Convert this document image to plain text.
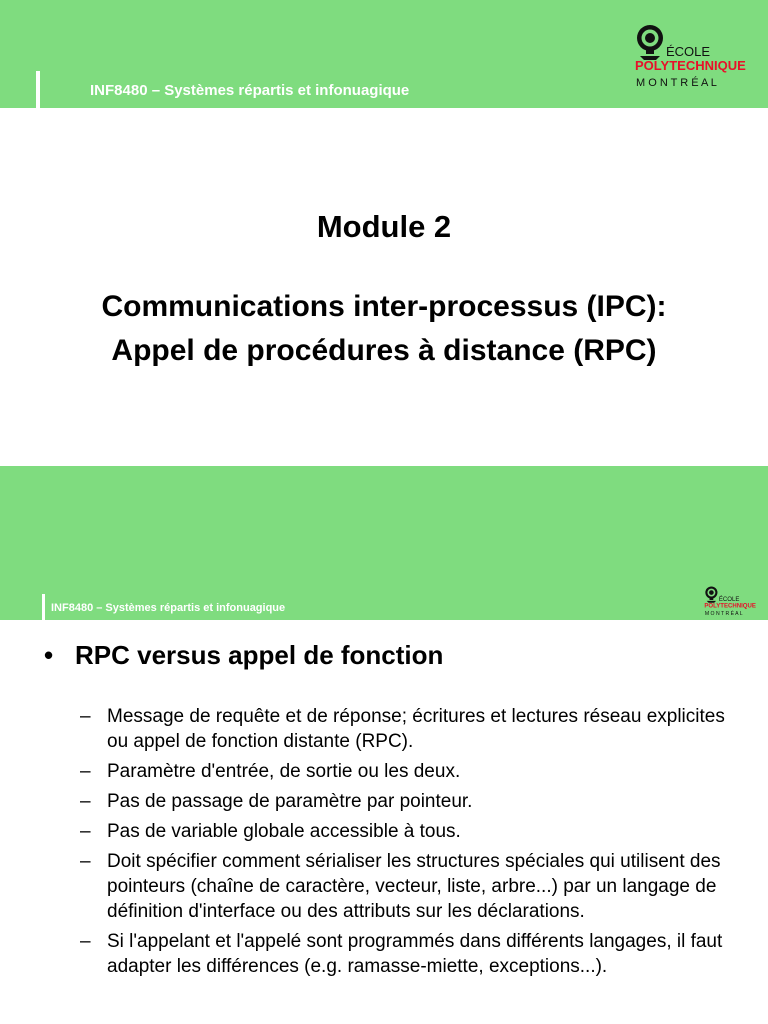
INF8480 – Systèmes répartis et infonuagique
ÉCOLE
POLYTECHNIQUE
M O N T R É A L
Module 2
Communications inter-processus (IPC):
Appel de procédures à distance (RPC)
INF8480 – Systèmes répartis et infonuagique
ÉCOLE
POLYTECHNIQUE
M O N T R É A L
• RPC versus appel de fonction
– Message de requête et de réponse; écritures et lectures réseau explicites ou appel de fonction distante (RPC).
– Paramètre d'entrée, de sortie ou les deux.
– Pas de passage de paramètre par pointeur.
– Pas de variable globale accessible à tous.
– Doit spécifier comment sérialiser les structures spéciales qui utilisent des pointeurs (chaîne de caractère, vecteur, liste, arbre...) par un langage de définition d'interface ou des attributs sur les déclarations.
– Si l'appelant et l'appelé sont programmés dans différents langages, il faut adapter les différences (e.g. ramasse-miette, exceptions...).
